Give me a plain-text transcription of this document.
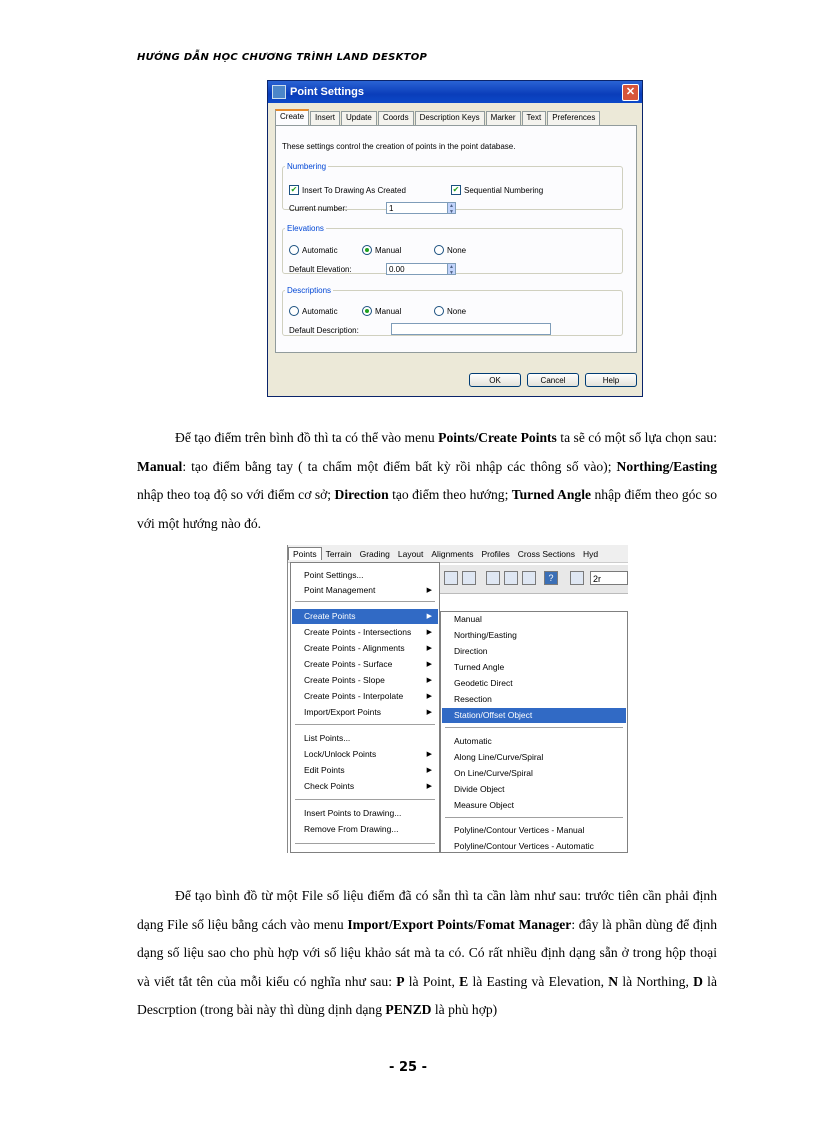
HƯỚNG DẪN HỌC CHƯƠNG TRÌNH LAND DESKTOP
Point Settings	✕
Create	Insert	Update	Coords	Description Keys	Marker	Text	Preferences
These settings control the creation of points in the point database.
Numbering
✔ Insert To Drawing As Created	✔ Sequential Numbering
Current number:	1	▲
▼
Elevations
Automatic	Manual	None
Default Elevation:	0.00	▲
▼
Descriptions
Automatic	Manual	None
Default Description:
OK	Cancel	Help

Để tạo điểm trên bình đồ thì ta có thể vào menu Points/Create Points ta sẽ có một số lựa chọn sau: Manual: tạo điểm bằng tay ( ta chấm một điểm bất kỳ rồi nhập các thông số vào); Northing/Easting nhập theo toạ độ so với điểm cơ sở; Direction tạo điểm theo hướng; Turned Angle nhập điểm theo góc so với một hướng nào đó.

Points	Terrain Grading Layout Alignments Profiles Cross Sections Hyd
?	2r
Point Settings...
Point Management	▶
Create Points	▶
Create Points - Intersections ▶
Create Points - Alignments	▶
Create Points - Surface	▶
Create Points - Slope	▶
Create Points - Interpolate	▶
Import/Export Points	▶
List Points...
Lock/Unlock Points	▶
Edit Points	▶
Check Points	▶
Insert Points to Drawing...
Remove From Drawing...
Manual
Northing/Easting
Direction
Turned Angle
Geodetic Direct
Resection
Station/Offset Object
Automatic
Along Line/Curve/Spiral
On Line/Curve/Spiral
Divide Object
Measure Object
Polyline/Contour Vertices - Manual
Polyline/Contour Vertices - Automatic

Để tạo bình đồ từ một File số liệu điểm đã có sẵn thì ta cần làm như sau: trước tiên cần phải định dạng File số liệu bằng cách vào menu Import/Export Points/Fomat Manager: đây là phần dùng để định dạng số liệu sao cho phù hợp với số liệu khảo sát mà ta có. Có rất nhiều định dạng sẵn ở trong hộp thoại và viết tắt tên của mỗi kiểu có nghĩa như sau: P là Point, E là Easting và Elevation, N là Northing, D là Descrption (trong bài này thì dùng dịnh dạng PENZD là phù hợp)

- 25 -
